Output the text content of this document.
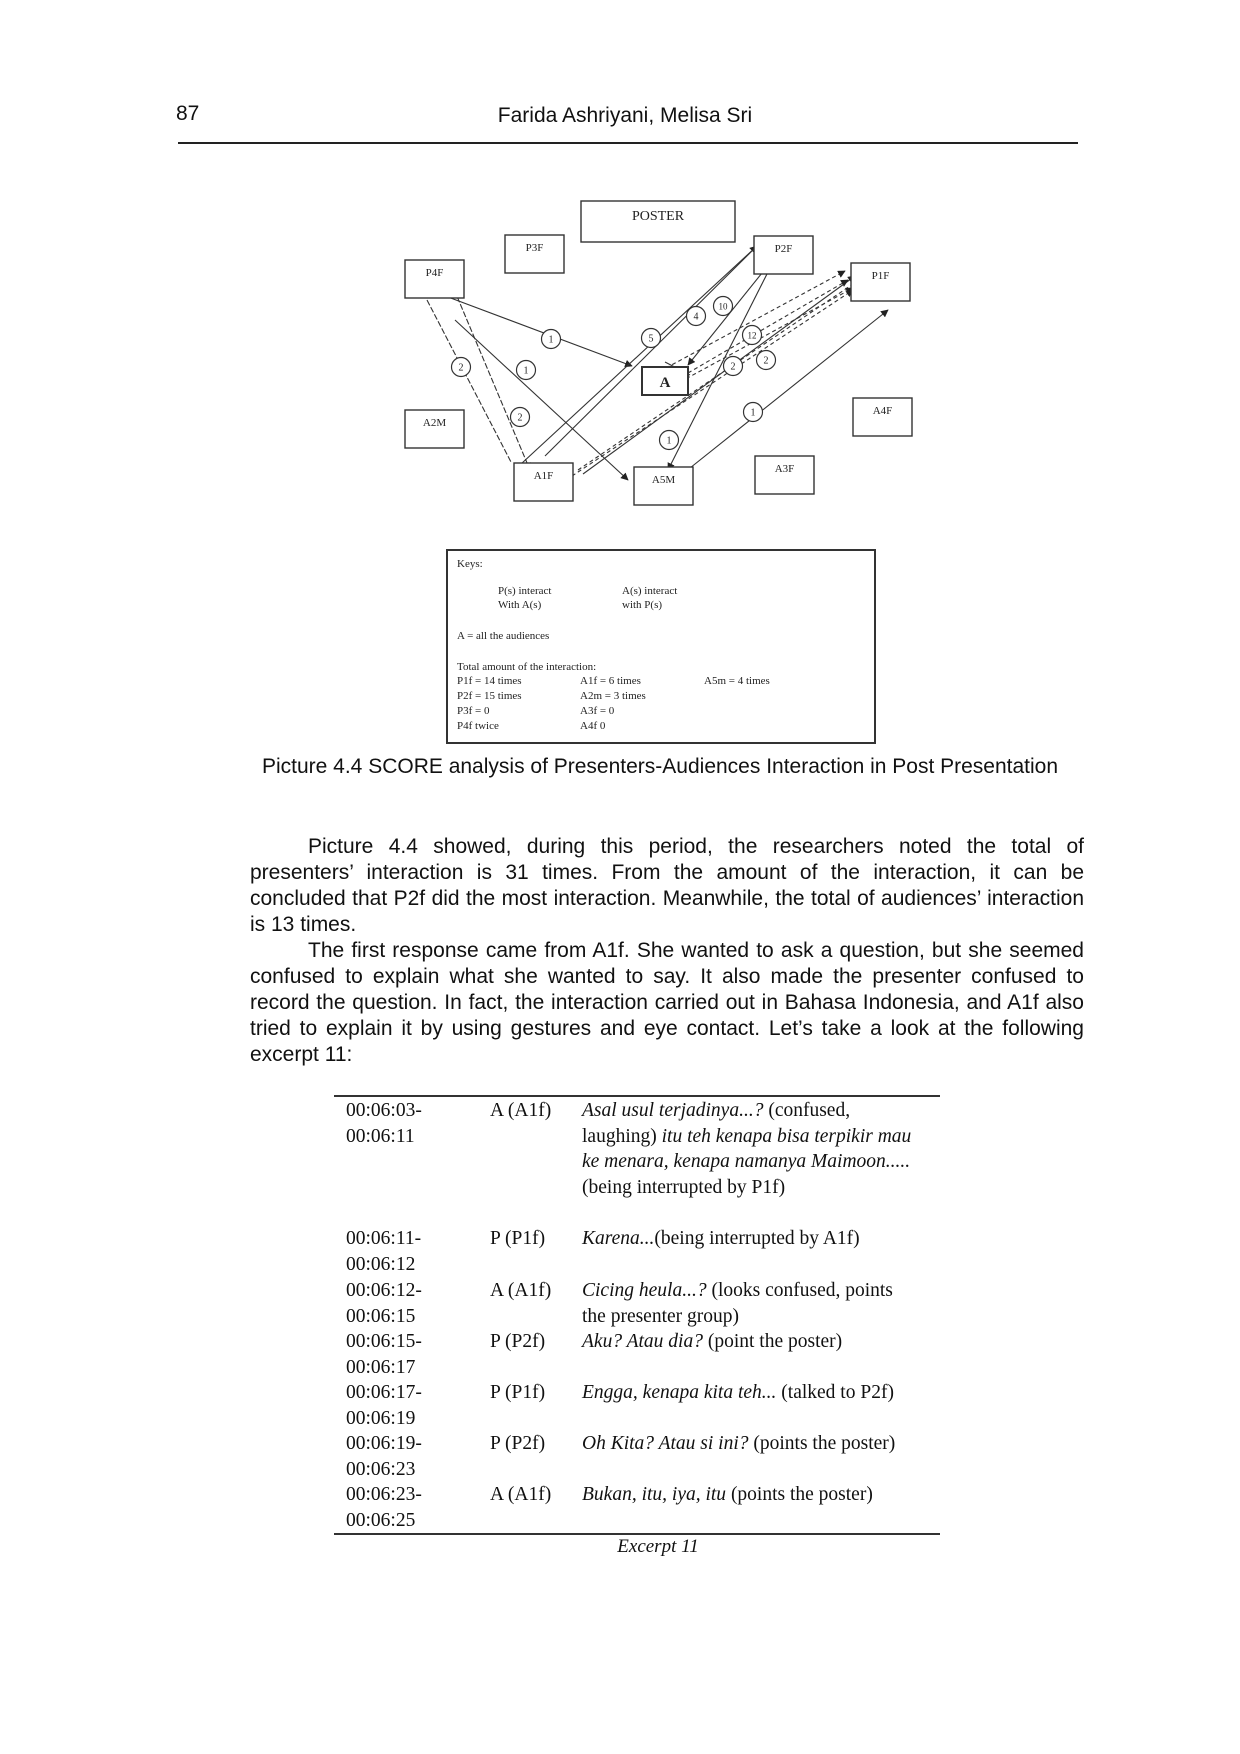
87	Farida Ashriyani, Melisa Sri
POSTER
P3F	P2F
P4F	P1F
A
A2M
A4F
A3F
A1F	A5M
1	5
4
10
12
2
2
1
2
2	1
1
Keys:
P(s) interact
With A(s)
A(s) interact
with P(s)
A = all the audiences
Total amount of the interaction:
P1f = 14 times
P2f = 15 times
P3f = 0
P4f twice
A1f = 6 times
A2m = 3 times
A3f = 0
A4f 0
A5m = 4 times
Picture 4.4 SCORE analysis of Presenters-Audiences Interaction in Post Presentation
Picture 4.4 showed, during this period, the researchers noted the total of presenters’ interaction is 31 times. From the amount of the interaction, it can be concluded that P2f did the most interaction. Meanwhile, the total of audiences’ interaction is 13 times.
The first response came from A1f. She wanted to ask a question, but she seemed confused to explain what she wanted to say. It also made the presenter confused to record the question. In fact, the interaction carried out in Bahasa Indonesia, and A1f also tried to explain it by using gestures and eye contact. Let’s take a look at the following excerpt 11:
00:06:03-
00:06:11
A (A1f)	Asal usul terjadinya...? (confused, laughing) itu teh kenapa bisa terpikir mau ke menara, kenapa namanya Maimoon..... (being interrupted by P1f)
00:06:11-
00:06:12
P (P1f)	Karena...(being interrupted by A1f)
00:06:12-
00:06:15
A (A1f)	Cicing heula...? (looks confused, points the presenter group)
00:06:15-
00:06:17
P (P2f)	Aku? Atau dia? (point the poster)
00:06:17-
00:06:19
P (P1f)	Engga, kenapa kita teh... (talked to P2f)
00:06:19-
00:06:23
P (P2f)	Oh Kita? Atau si ini? (points the poster)
00:06:23-
00:06:25
A (A1f)	Bukan, itu, iya, itu (points the poster)
Excerpt 11
